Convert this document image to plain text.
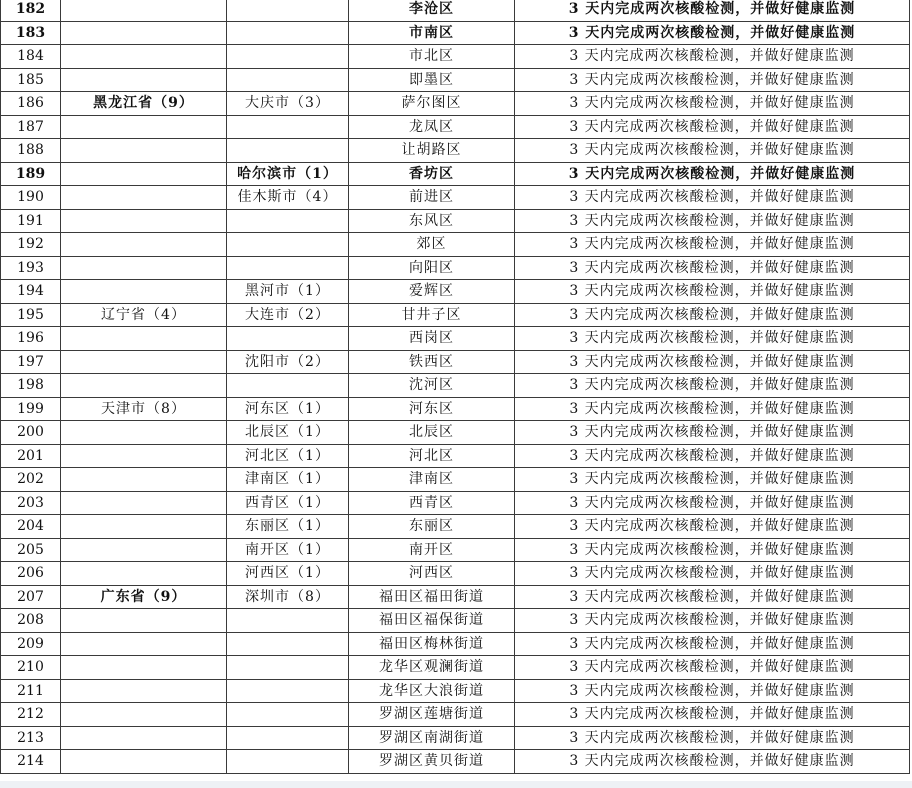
182			李沧区	3 天内完成两次核酸检测，并做好健康监测
183			市南区	3 天内完成两次核酸检测，并做好健康监测
184			市北区	3 天内完成两次核酸检测，并做好健康监测
185			即墨区	3 天内完成两次核酸检测，并做好健康监测
186	黑龙江省（9）	大庆市（3）	萨尔图区	3 天内完成两次核酸检测，并做好健康监测
187			龙凤区	3 天内完成两次核酸检测，并做好健康监测
188			让胡路区	3 天内完成两次核酸检测，并做好健康监测
189		哈尔滨市（1）	香坊区	3 天内完成两次核酸检测，并做好健康监测
190		佳木斯市（4）	前进区	3 天内完成两次核酸检测，并做好健康监测
191			东风区	3 天内完成两次核酸检测，并做好健康监测
192			郊区	3 天内完成两次核酸检测，并做好健康监测
193			向阳区	3 天内完成两次核酸检测，并做好健康监测
194		黑河市（1）	爱辉区	3 天内完成两次核酸检测，并做好健康监测
195	辽宁省（4）	大连市（2）	甘井子区	3 天内完成两次核酸检测，并做好健康监测
196			西岗区	3 天内完成两次核酸检测，并做好健康监测
197		沈阳市（2）	铁西区	3 天内完成两次核酸检测，并做好健康监测
198			沈河区	3 天内完成两次核酸检测，并做好健康监测
199	天津市（8）	河东区（1）	河东区	3 天内完成两次核酸检测，并做好健康监测
200		北辰区（1）	北辰区	3 天内完成两次核酸检测，并做好健康监测
201		河北区（1）	河北区	3 天内完成两次核酸检测，并做好健康监测
202		津南区（1）	津南区	3 天内完成两次核酸检测，并做好健康监测
203		西青区（1）	西青区	3 天内完成两次核酸检测，并做好健康监测
204		东丽区（1）	东丽区	3 天内完成两次核酸检测，并做好健康监测
205		南开区（1）	南开区	3 天内完成两次核酸检测，并做好健康监测
206		河西区（1）	河西区	3 天内完成两次核酸检测，并做好健康监测
207	广东省（9）	深圳市（8）	福田区福田街道	3 天内完成两次核酸检测，并做好健康监测
208			福田区福保街道	3 天内完成两次核酸检测，并做好健康监测
209			福田区梅林街道	3 天内完成两次核酸检测，并做好健康监测
210			龙华区观澜街道	3 天内完成两次核酸检测，并做好健康监测
211			龙华区大浪街道	3 天内完成两次核酸检测，并做好健康监测
212			罗湖区莲塘街道	3 天内完成两次核酸检测，并做好健康监测
213			罗湖区南湖街道	3 天内完成两次核酸检测，并做好健康监测
214			罗湖区黄贝街道	3 天内完成两次核酸检测，并做好健康监测
